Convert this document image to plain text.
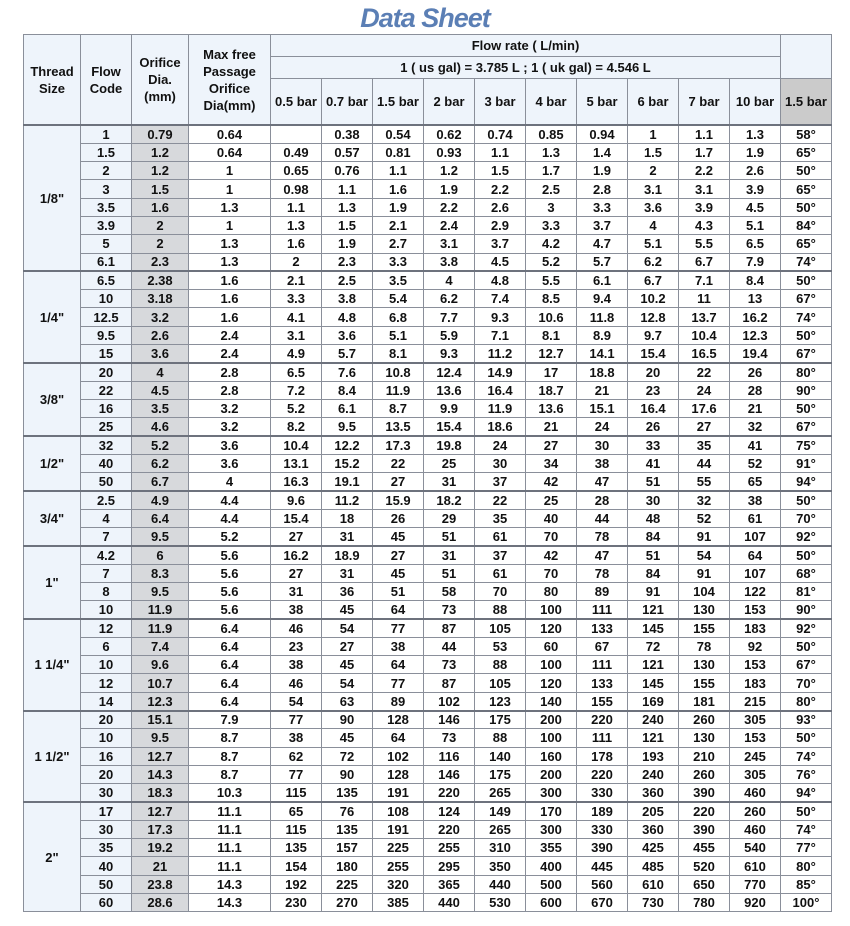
Data Sheet
Thread Size	Flow Code	Orifice Dia. (mm)	Max free Passage Orifice Dia(mm)	Flow rate ( L/min)										
				1 ( us gal) = 3.785 L ; 1 ( uk gal) = 4.546 L										
				0.5 bar	0.7 bar	1.5 bar	2 bar	3 bar	4 bar	5 bar	6 bar	7 bar	10 bar	1.5 bar
1/8"	1	0.79	0.64		0.38	0.54	0.62	0.74	0.85	0.94	1	1.1	1.3	58°
	1.5	1.2	0.64	0.49	0.57	0.81	0.93	1.1	1.3	1.4	1.5	1.7	1.9	65°
	2	1.2	1	0.65	0.76	1.1	1.2	1.5	1.7	1.9	2	2.2	2.6	50°
	3	1.5	1	0.98	1.1	1.6	1.9	2.2	2.5	2.8	3.1	3.1	3.9	65°
	3.5	1.6	1.3	1.1	1.3	1.9	2.2	2.6	3	3.3	3.6	3.9	4.5	50°
	3.9	2	1	1.3	1.5	2.1	2.4	2.9	3.3	3.7	4	4.3	5.1	84°
	5	2	1.3	1.6	1.9	2.7	3.1	3.7	4.2	4.7	5.1	5.5	6.5	65°
	6.1	2.3	1.3	2	2.3	3.3	3.8	4.5	5.2	5.7	6.2	6.7	7.9	74°
1/4"	6.5	2.38	1.6	2.1	2.5	3.5	4	4.8	5.5	6.1	6.7	7.1	8.4	50°
	10	3.18	1.6	3.3	3.8	5.4	6.2	7.4	8.5	9.4	10.2	11	13	67°
	12.5	3.2	1.6	4.1	4.8	6.8	7.7	9.3	10.6	11.8	12.8	13.7	16.2	74°
	9.5	2.6	2.4	3.1	3.6	5.1	5.9	7.1	8.1	8.9	9.7	10.4	12.3	50°
	15	3.6	2.4	4.9	5.7	8.1	9.3	11.2	12.7	14.1	15.4	16.5	19.4	67°
3/8"	20	4	2.8	6.5	7.6	10.8	12.4	14.9	17	18.8	20	22	26	80°
	22	4.5	2.8	7.2	8.4	11.9	13.6	16.4	18.7	21	23	24	28	90°
	16	3.5	3.2	5.2	6.1	8.7	9.9	11.9	13.6	15.1	16.4	17.6	21	50°
	25	4.6	3.2	8.2	9.5	13.5	15.4	18.6	21	24	26	27	32	67°
1/2"	32	5.2	3.6	10.4	12.2	17.3	19.8	24	27	30	33	35	41	75°
	40	6.2	3.6	13.1	15.2	22	25	30	34	38	41	44	52	91°
	50	6.7	4	16.3	19.1	27	31	37	42	47	51	55	65	94°
3/4"	2.5	4.9	4.4	9.6	11.2	15.9	18.2	22	25	28	30	32	38	50°
	4	6.4	4.4	15.4	18	26	29	35	40	44	48	52	61	70°
	7	9.5	5.2	27	31	45	51	61	70	78	84	91	107	92°
1"	4.2	6	5.6	16.2	18.9	27	31	37	42	47	51	54	64	50°
	7	8.3	5.6	27	31	45	51	61	70	78	84	91	107	68°
	8	9.5	5.6	31	36	51	58	70	80	89	91	104	122	81°
	10	11.9	5.6	38	45	64	73	88	100	111	121	130	153	90°
1 1/4"	12	11.9	6.4	46	54	77	87	105	120	133	145	155	183	92°
	6	7.4	6.4	23	27	38	44	53	60	67	72	78	92	50°
	10	9.6	6.4	38	45	64	73	88	100	111	121	130	153	67°
	12	10.7	6.4	46	54	77	87	105	120	133	145	155	183	70°
	14	12.3	6.4	54	63	89	102	123	140	155	169	181	215	80°
1 1/2"	20	15.1	7.9	77	90	128	146	175	200	220	240	260	305	93°
	10	9.5	8.7	38	45	64	73	88	100	111	121	130	153	50°
	16	12.7	8.7	62	72	102	116	140	160	178	193	210	245	74°
	20	14.3	8.7	77	90	128	146	175	200	220	240	260	305	76°
	30	18.3	10.3	115	135	191	220	265	300	330	360	390	460	94°
2"	17	12.7	11.1	65	76	108	124	149	170	189	205	220	260	50°
	30	17.3	11.1	115	135	191	220	265	300	330	360	390	460	74°
	35	19.2	11.1	135	157	225	255	310	355	390	425	455	540	77°
	40	21	11.1	154	180	255	295	350	400	445	485	520	610	80°
	50	23.8	14.3	192	225	320	365	440	500	560	610	650	770	85°
	60	28.6	14.3	230	270	385	440	530	600	670	730	780	920	100°
